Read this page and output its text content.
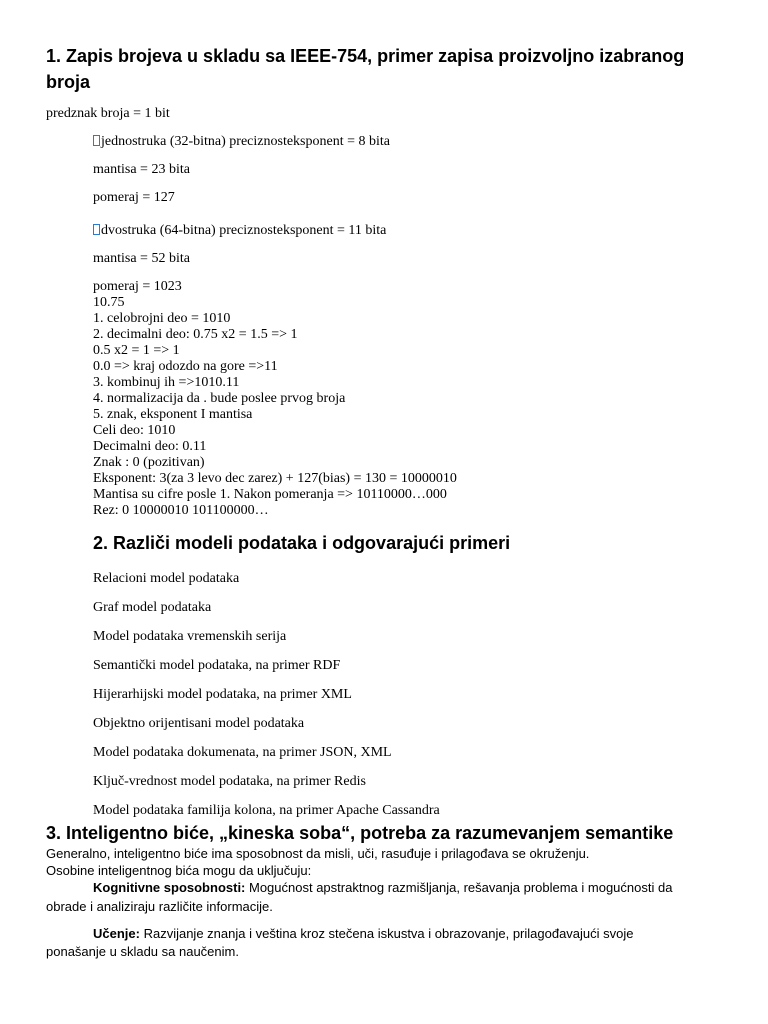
1. Zapis brojeva u skladu sa IEEE-754, primer zapisa proizvoljno izabranog
broja
predznak broja = 1 bit
jednostruka (32-bitna) preciznosteksponent = 8 bita
mantisa = 23 bita
pomeraj = 127
dvostruka (64-bitna) preciznosteksponent = 11 bita
mantisa = 52 bita
pomeraj = 1023
10.75
1. celobrojni deo = 1010
2. decimalni deo: 0.75 x2 = 1.5 => 1
0.5 x2 = 1 => 1
0.0 => kraj odozdo na gore =>11
3. kombinuj ih =>1010.11
4. normalizacija da . bude poslee prvog broja
5. znak, eksponent I mantisa
Celi deo: 1010
Decimalni deo: 0.11
Znak : 0 (pozitivan)
Eksponent: 3(za 3 levo dec zarez) + 127(bias) = 130 = 10000010
Mantisa su cifre posle 1. Nakon pomeranja => 10110000…000
Rez: 0 10000010 101100000…
2. Različi modeli podataka i odgovarajući primeri
Relacioni model podataka
Graf model podataka
Model podataka vremenskih serija
Semantički model podataka, na primer RDF
Hijerarhijski model podataka, na primer XML
Objektno orijentisani model podataka
Model podataka dokumenata, na primer JSON, XML
Ključ-vrednost model podataka, na primer Redis
Model podataka familija kolona, na primer Apache Cassandra
3. Inteligentno biće, „kineska soba“, potreba za razumevanjem semantike
Generalno, inteligentno biće ima sposobnost da misli, uči, rasuđuje i prilagođava se okruženju.
Osobine inteligentnog bića mogu da uključuju:
Kognitivne sposobnosti: Mogućnost apstraktnog razmišljanja, rešavanja problema i mogućnosti da
obrade i analiziraju različite informacije.
Učenje: Razvijanje znanja i veština kroz stečena iskustva i obrazovanje, prilagođavajući svoje
ponašanje u skladu sa naučenim.
